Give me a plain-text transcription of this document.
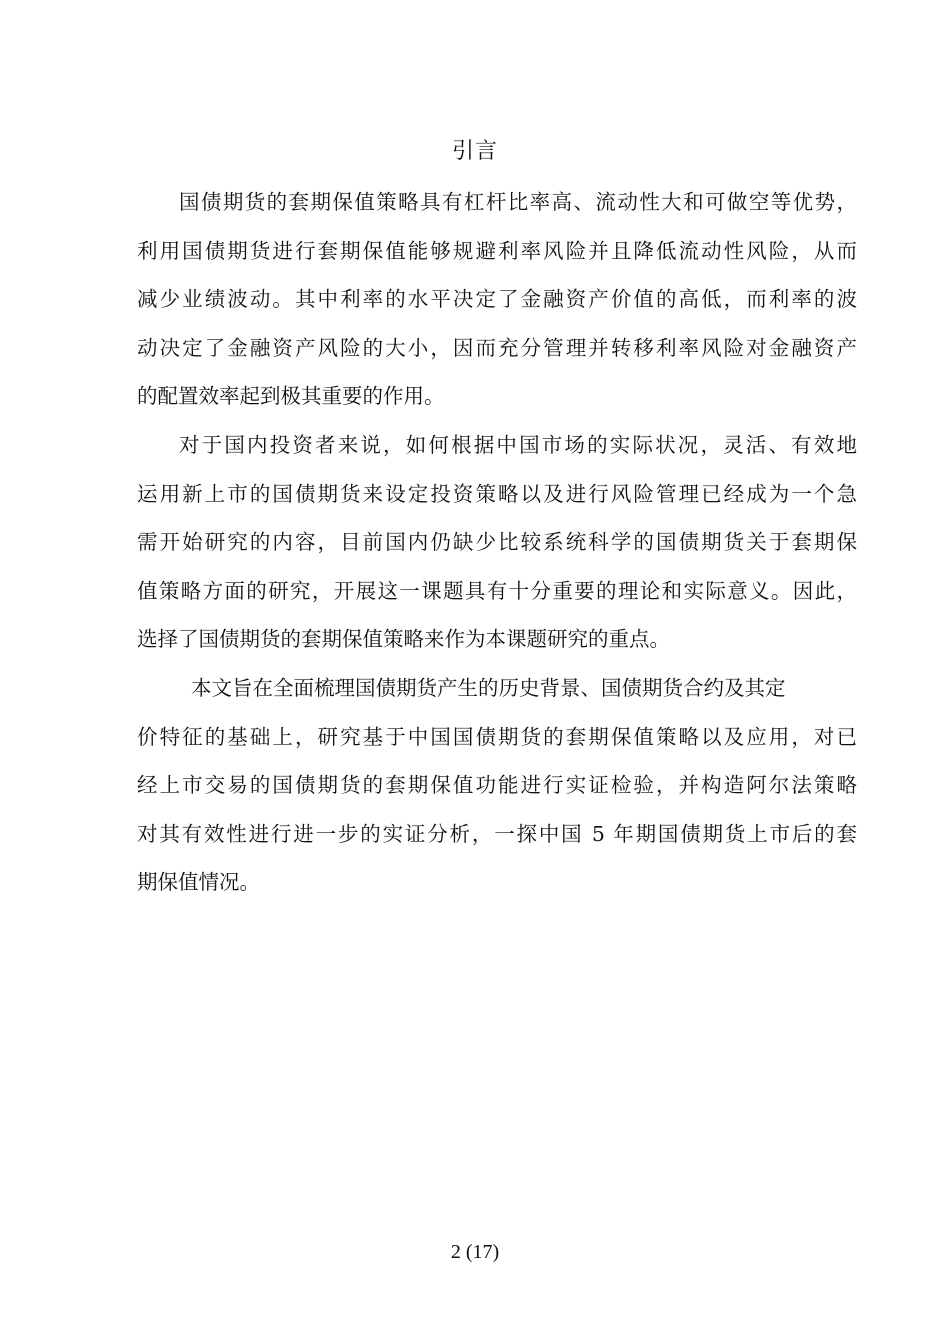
引言
国债期货的套期保值策略具有杠杆比率高、流动性大和可做空等优势，
利用国债期货进行套期保值能够规避利率风险并且降低流动性风险，从而
减少业绩波动。其中利率的水平决定了金融资产价值的高低，而利率的波
动决定了金融资产风险的大小，因而充分管理并转移利率风险对金融资产
的配置效率起到极其重要的作用。
对于国内投资者来说，如何根据中国市场的实际状况，灵活、有效地
运用新上市的国债期货来设定投资策略以及进行风险管理已经成为一个急
需开始研究的内容，目前国内仍缺少比较系统科学的国债期货关于套期保
值策略方面的研究，开展这一课题具有十分重要的理论和实际意义。因此，
选择了国债期货的套期保值策略来作为本课题研究的重点。
本文旨在全面梳理国债期货产生的历史背景、国债期货合约及其定
价特征的基础上，研究基于中国国债期货的套期保值策略以及应用，对已
经上市交易的国债期货的套期保值功能进行实证检验，并构造阿尔法策略
对其有效性进行进一步的实证分析，一探中国 5 年期国债期货上市后的套
期保值情况。
2 (17)
